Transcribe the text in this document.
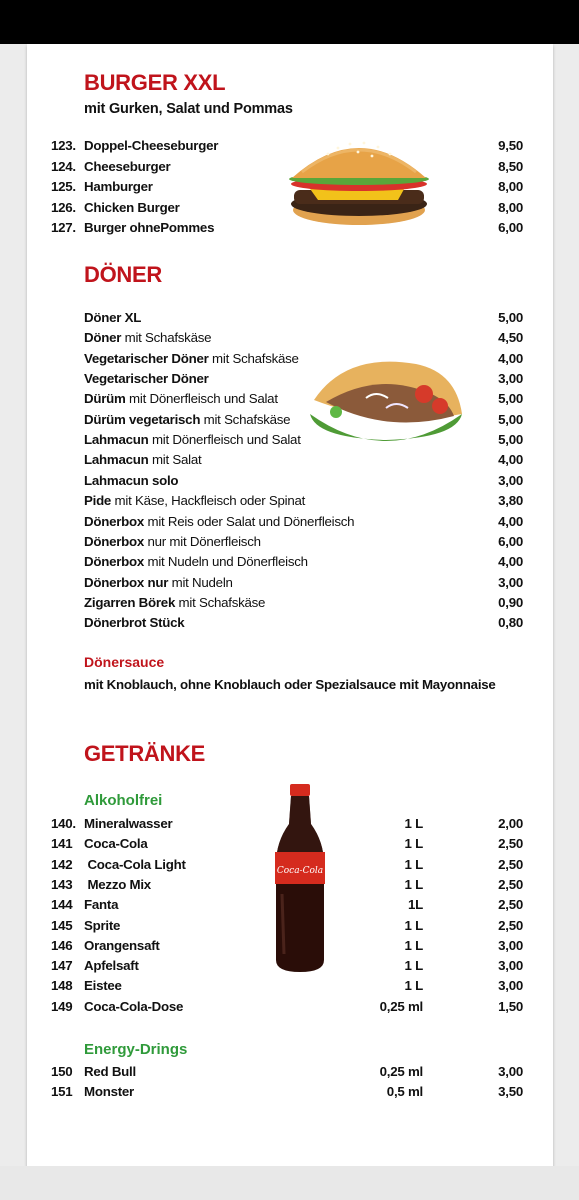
BURGER XXL
mit Gurken, Salat und Pommas
123. Doppel-Cheeseburger	9,50
124. Cheeseburger	8,50
125. Hamburger	8,00
126. Chicken Burger	8,00
127. Burger ohnePommes	6,00
DÖNER
Döner XL	5,00
Döner mit Schafskäse	4,50
Vegetarischer Döner mit Schafskäse	4,00
Vegetarischer Döner	3,00
Dürüm mit Dönerfleisch und Salat	5,00
Dürüm vegetarisch mit Schafskäse	5,00
Lahmacun mit Dönerfleisch und Salat	5,00
Lahmacun mit Salat	4,00
Lahmacun solo	3,00
Pide mit Käse, Hackfleisch oder Spinat	3,80
Dönerbox mit Reis oder Salat und Dönerfleisch	4,00
Dönerbox nur mit Dönerfleisch	6,00
Dönerbox mit Nudeln und Dönerfleisch	4,00
Dönerbox nur mit Nudeln	3,00
Zigarren Börek mit Schafskäse	0,90
Dönerbrot Stück	0,80
Dönersauce
mit Knoblauch, ohne Knoblauch oder Spezialsauce mit Mayonnaise
GETRÄNKE
Alkoholfrei
140. Mineralwasser	1 L	2,00
141 Coca-Cola	1 L	2,50
142 Coca-Cola Light	1 L	2,50
143 Mezzo Mix	1 L	2,50
144 Fanta	1L	2,50
145 Sprite	1 L	2,50
146 Orangensaft	1 L	3,00
147 Apfelsaft	1 L	3,00
148 Eistee	1 L	3,00
149 Coca-Cola-Dose	0,25 ml	1,50
Coca-Cola
Energy-Drings
150 Red Bull	0,25 ml	3,00
151 Monster	0,5 ml	3,50
